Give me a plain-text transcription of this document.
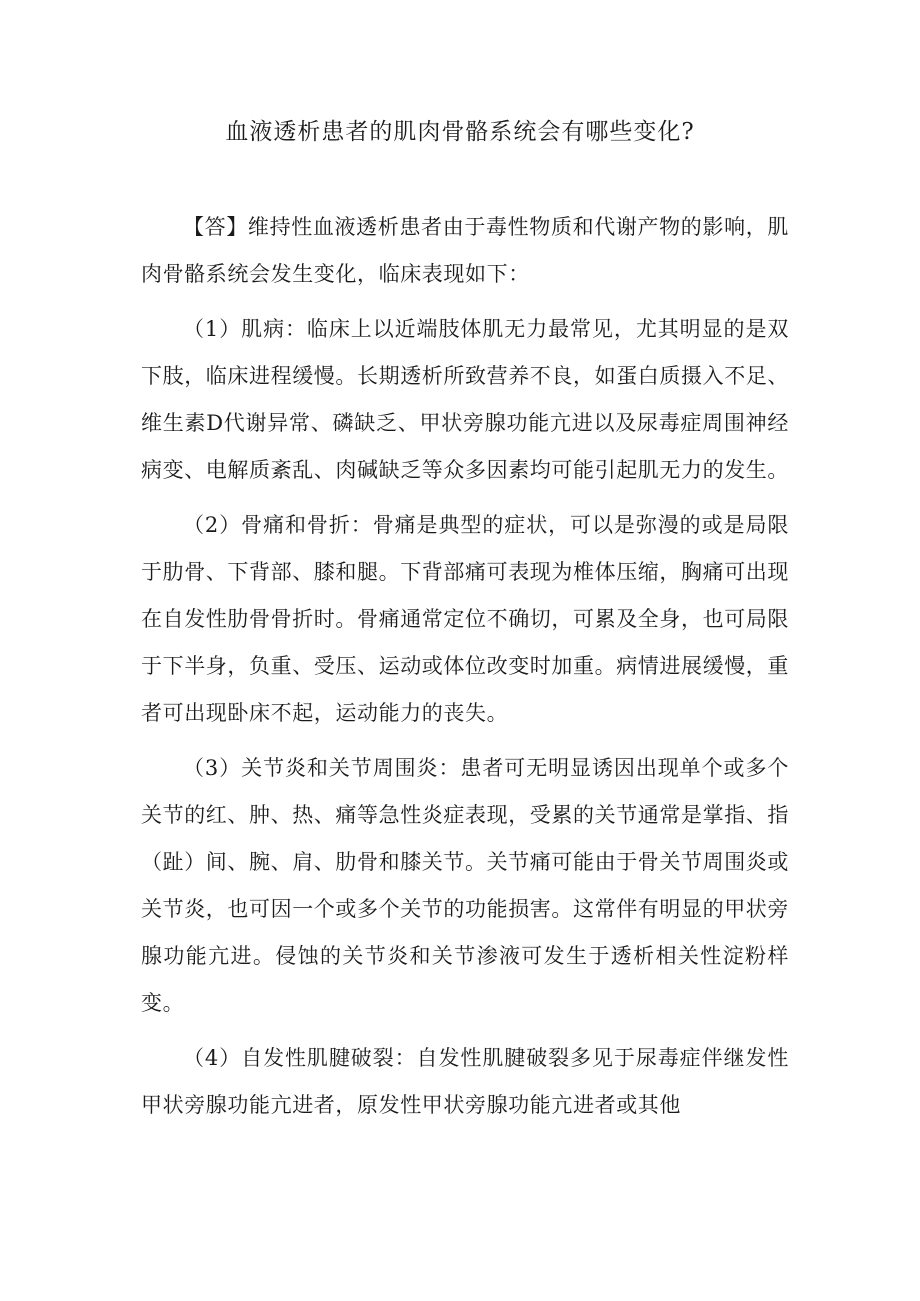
血液透析患者的肌肉骨骼系统会有哪些变化?

【答】维持性血液透析患者由于毒性物质和代谢产物的影响，肌肉骨骼系统会发生变化，临床表现如下：

（1）肌病：临床上以近端肢体肌无力最常见，尤其明显的是双下肢，临床进程缓慢。长期透析所致营养不良，如蛋白质摄入不足、维生素D代谢异常、磷缺乏、甲状旁腺功能亢进以及尿毒症周围神经病变、电解质紊乱、肉碱缺乏等众多因素均可能引起肌无力的发生。

（2）骨痛和骨折：骨痛是典型的症状，可以是弥漫的或是局限于肋骨、下背部、膝和腿。下背部痛可表现为椎体压缩，胸痛可出现在自发性肋骨骨折时。骨痛通常定位不确切，可累及全身，也可局限于下半身，负重、受压、运动或体位改变时加重。病情进展缓慢，重者可出现卧床不起，运动能力的丧失。

（3）关节炎和关节周围炎：患者可无明显诱因出现单个或多个关节的红、肿、热、痛等急性炎症表现，受累的关节通常是掌指、指（趾）间、腕、肩、肋骨和膝关节。关节痛可能由于骨关节周围炎或关节炎，也可因一个或多个关节的功能损害。这常伴有明显的甲状旁腺功能亢进。侵蚀的关节炎和关节渗液可发生于透析相关性淀粉样变。

（4）自发性肌腱破裂：自发性肌腱破裂多见于尿毒症伴继发性甲状旁腺功能亢进者，原发性甲状旁腺功能亢进者或其他
